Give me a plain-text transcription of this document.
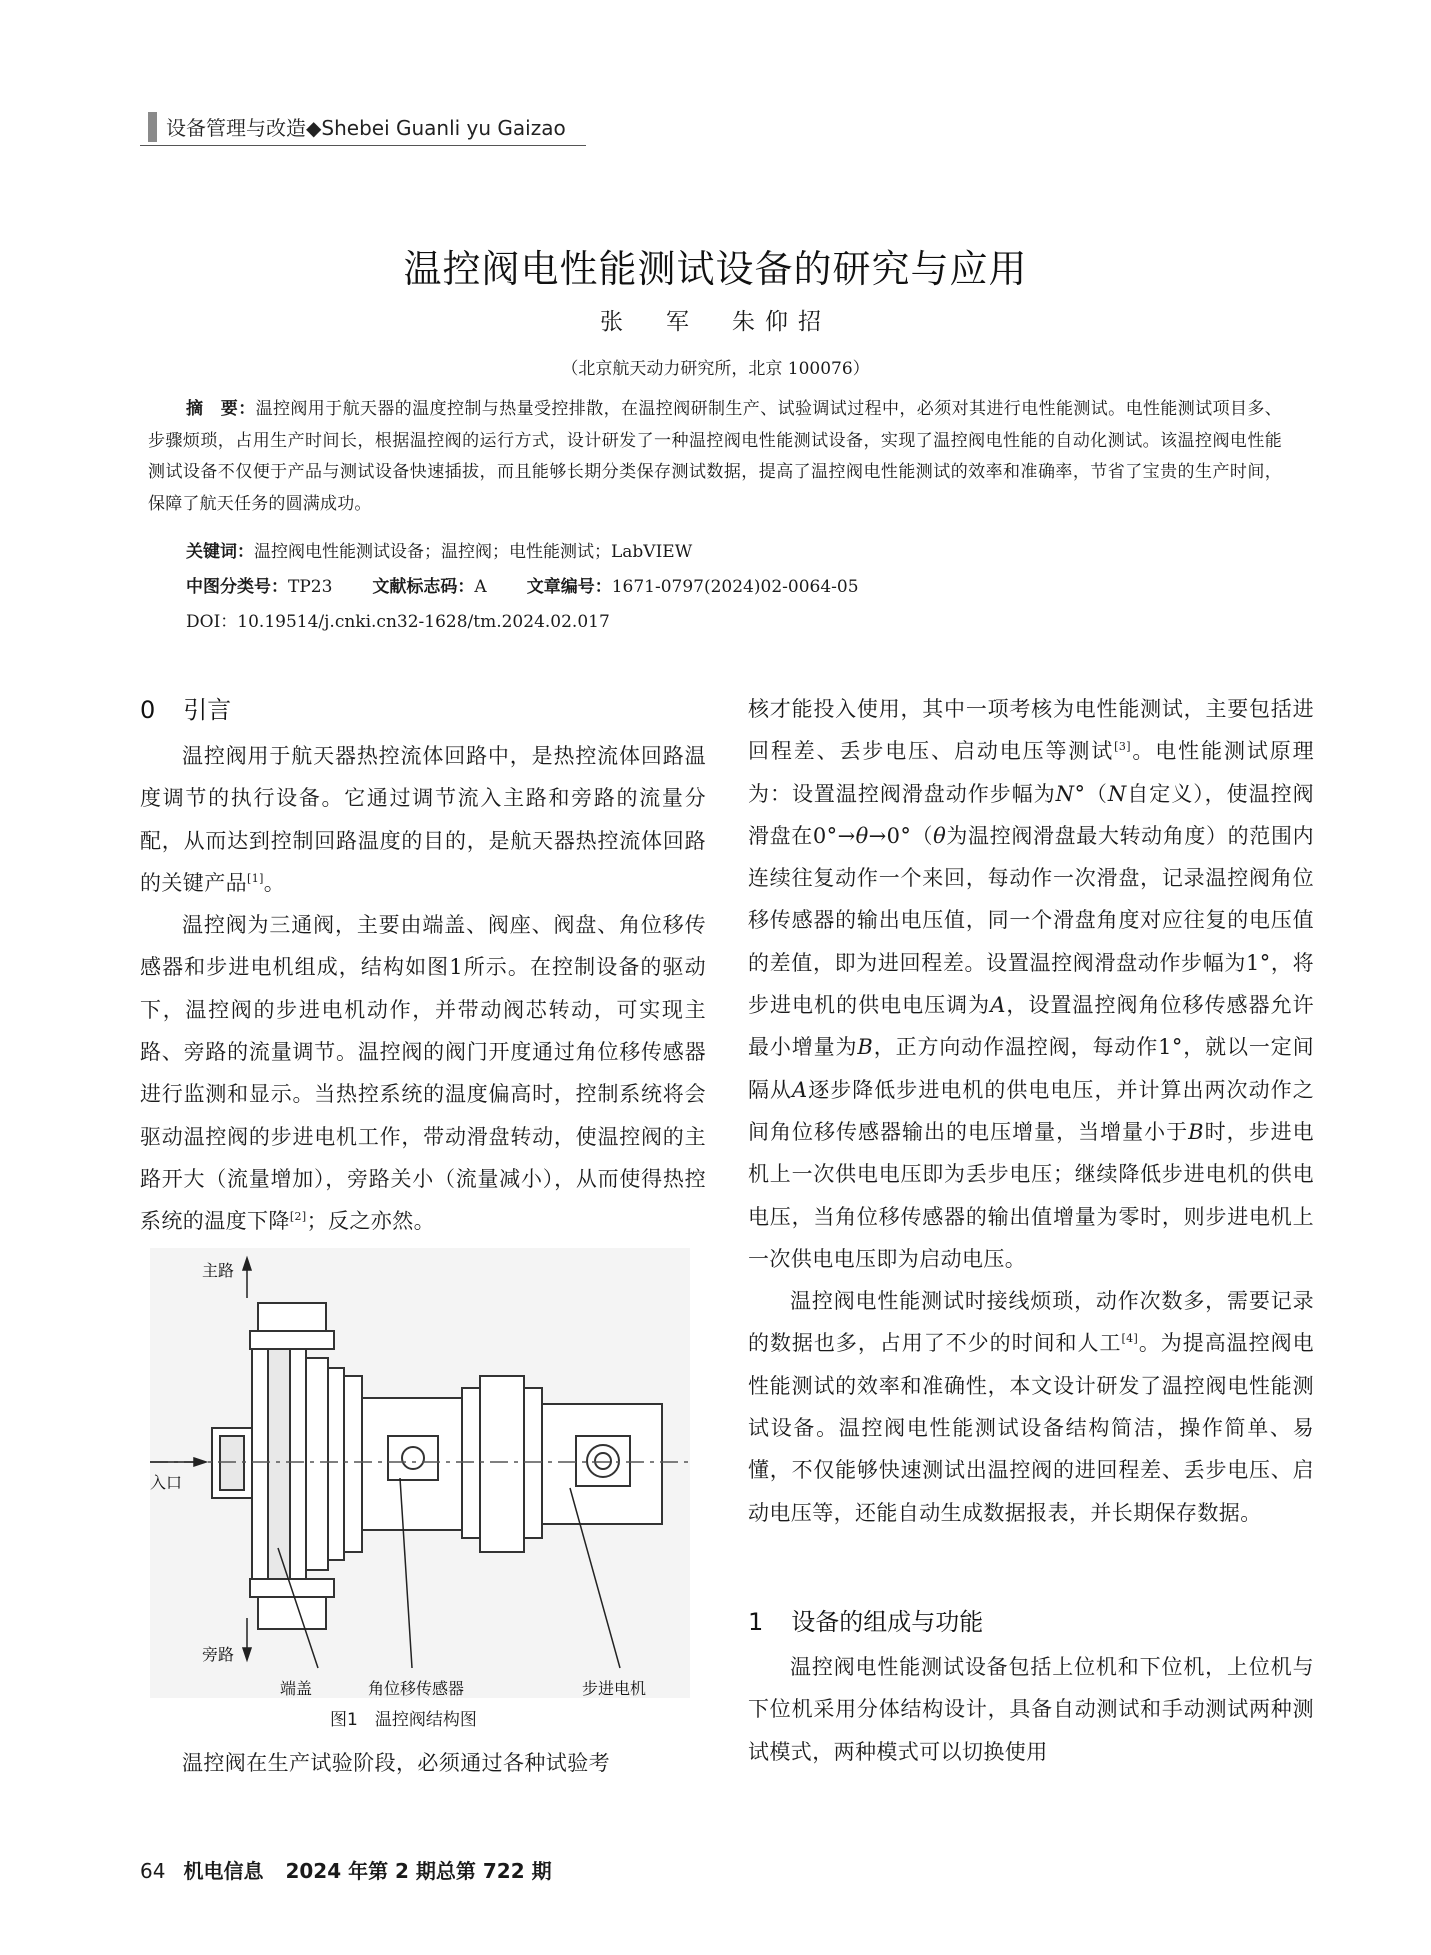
设备管理与改造◆Shebei Guanli yu Gaizao
温控阀电性能测试设备的研究与应用
张　军　朱仰招
（北京航天动力研究所，北京 100076）
摘　要：温控阀用于航天器的温度控制与热量受控排散，在温控阀研制生产、试验调试过程中，必须对其进行电性能测试。电性能测试项目多、步骤烦琐，占用生产时间长，根据温控阀的运行方式，设计研发了一种温控阀电性能测试设备，实现了温控阀电性能的自动化测试。该温控阀电性能测试设备不仅便于产品与测试设备快速插拔，而且能够长期分类保存测试数据，提高了温控阀电性能测试的效率和准确率，节省了宝贵的生产时间，保障了航天任务的圆满成功。
关键词：温控阀电性能测试设备；温控阀；电性能测试；LabVIEW
中图分类号：TP23 文献标志码：A 文章编号：1671-0797(2024)02-0064-05
DOI：10.19514/j.cnki.cn32-1628/tm.2024.02.017
0 引言

温控阀用于航天器热控流体回路中，是热控流体回路温度调节的执行设备。它通过调节流入主路和旁路的流量分配，从而达到控制回路温度的目的，是航天器热控流体回路的关键产品[1]。

温控阀为三通阀，主要由端盖、阀座、阀盘、角位移传感器和步进电机组成，结构如图1所示。在控制设备的驱动下，温控阀的步进电机动作，并带动阀芯转动，可实现主路、旁路的流量调节。温控阀的阀门开度通过角位移传感器进行监测和显示。当热控系统的温度偏高时，控制系统将会驱动温控阀的步进电机工作，带动滑盘转动，使温控阀的主路开大（流量增加），旁路关小（流量减小），从而使得热控系统的温度下降[2]；反之亦然。

主路
入口
旁路
端盖	角位移传感器	步进电机
图1　温控阀结构图

温控阀在生产试验阶段，必须通过各种试验考

核才能投入使用，其中一项考核为电性能测试，主要包括进回程差、丢步电压、启动电压等测试[3]。电性能测试原理为：设置温控阀滑盘动作步幅为N°（N自定义），使温控阀滑盘在0°→θ→0°（θ为温控阀滑盘最大转动角度）的范围内连续往复动作一个来回，每动作一次滑盘，记录温控阀角位移传感器的输出电压值，同一个滑盘角度对应往复的电压值的差值，即为进回程差。设置温控阀滑盘动作步幅为1°，将步进电机的供电电压调为A，设置温控阀角位移传感器允许最小增量为B，正方向动作温控阀，每动作1°，就以一定间隔从A逐步降低步进电机的供电电压，并计算出两次动作之间角位移传感器输出的电压增量，当增量小于B时，步进电机上一次供电电压即为丢步电压；继续降低步进电机的供电电压，当角位移传感器的输出值增量为零时，则步进电机上一次供电电压即为启动电压。

温控阀电性能测试时接线烦琐，动作次数多，需要记录的数据也多，占用了不少的时间和人工[4]。为提高温控阀电性能测试的效率和准确性，本文设计研发了温控阀电性能测试设备。温控阀电性能测试设备结构简洁，操作简单、易懂，不仅能够快速测试出温控阀的进回程差、丢步电压、启动电压等，还能自动生成数据报表，并长期保存数据。

1 设备的组成与功能

温控阀电性能测试设备包括上位机和下位机，上位机与下位机采用分体结构设计，具备自动测试和手动测试两种测试模式，两种模式可以切换使用

64 机电信息 2024 年第 2 期总第 722 期
